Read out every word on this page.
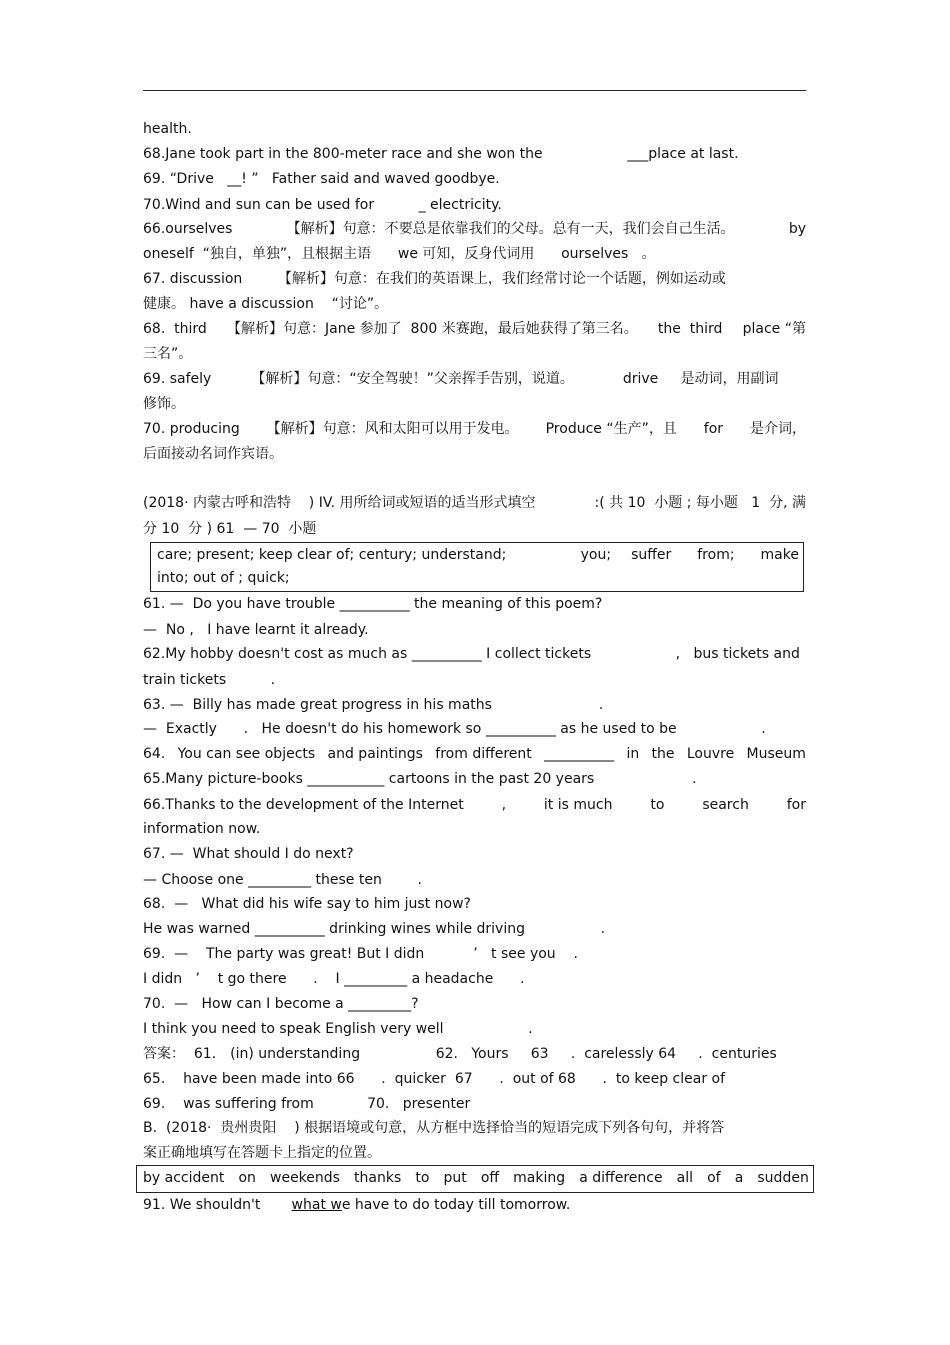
health.
68.Jane took part in the 800-meter race and she won the                   ___place at last.
69. “Drive   __! ”   Father said and waved goodbye.
70.Wind and sun can be used for          _ electricity.
66.ourselves	【解析】句意：不要总是依靠我们的父母。总有一天，我们会自己生活。	by
oneself  “独自，单独”，且根据主语      we 可知，反身代词用      ourselves   。
67. discussion        【解析】句意：在我们的英语课上，我们经常讨论一个话题，例如运动或
健康。 have a discussion    “讨论”。
68.  third 【解析】句意：Jane 参加了  800 米赛跑，最后她获得了第三名。 the  third place “第
三名”。
69. safely         【解析】句意：“安全驾驶！”父亲挥手告别，说道。           drive     是动词，用副词
修饰。
70. producing 【解析】句意：风和太阳可以用于发电。 Produce “生产”，且 for 是介词，
后面接动名词作宾语。
(2018· 内蒙古呼和浩特    ) IV. 用所给词或短语的适当形式填空	:( 共 10  小题 ; 每小题   1  分, 满
分 10  分 ) 61  — 70  小题
care; present; keep clear of; century; understand;	you; suffer from; make
into; out of ; quick;
61. —  Do you have trouble __________ the meaning of this poem?
—  No ,   I have learnt it already.
62.My hobby doesn't cost as much as __________ I collect tickets                   ,   bus tickets and
train tickets          .
63. —  Billy has made great progress in his maths                        .
—  Exactly      .   He doesn't do his homework so __________ as he used to be                   .
64. You can see objects and paintings from different __________ in the Louvre Museum
65.Many picture-books ___________ cartoons in the past 20 years                      .
66.Thanks to the development of the Internet	,	it is much	to	search	for
information now.
67. —  What should I do next?
— Choose one _________ these ten        .
68.  —   What did his wife say to him just now?
He was warned __________ drinking wines while driving                 .
69.  —    The party was great! But I didn           ’   t see you    .
I didn   ’    t go there      .    I _________ a headache      .
70.  —   How can I become a _________?
I think you need to speak English very well                   .
答案：  61． (in) understanding                 62.   Yours     63     .  carelessly 64     .  centuries
65.    have been made into 66      .  quicker  67      .  out of 68      .  to keep clear of
69.    was suffering from            70.   presenter
B.  (2018·  贵州贵阳    ) 根据语境或句意，从方框中选择恰当的短语完成下列各句句，并将答
案正确地填写在答题卡上指定的位置。
by accident on weekends thanks to put off making a difference all of a sudden
91. We shouldn't       what we have to do today till tomorrow.
